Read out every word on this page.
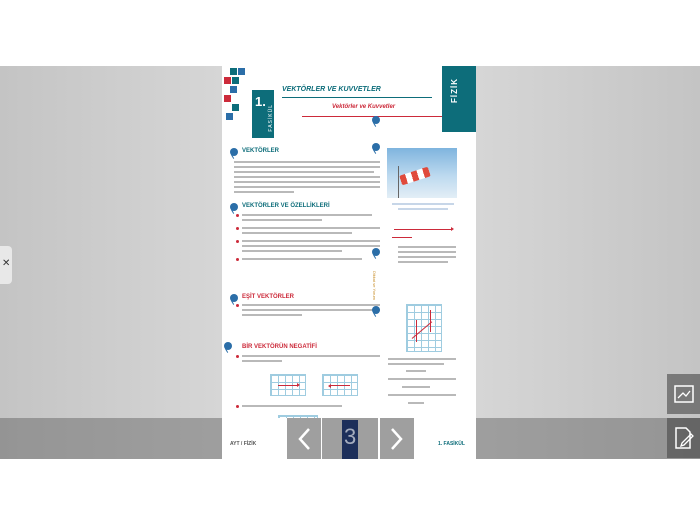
✕
1.
FASİKÜL
VEKTÖRLER VE KUVVETLER
Vektörler ve Kuvvetler
FİZİK
VEKTÖRLER
VEKTÖRLER VE ÖZELLİKLERİ
Dikkat ve Yorum
EŞİT VEKTÖRLER
BİR VEKTÖRÜN NEGATİFİ
AYT / FİZİK	1. FASİKÜL
3
